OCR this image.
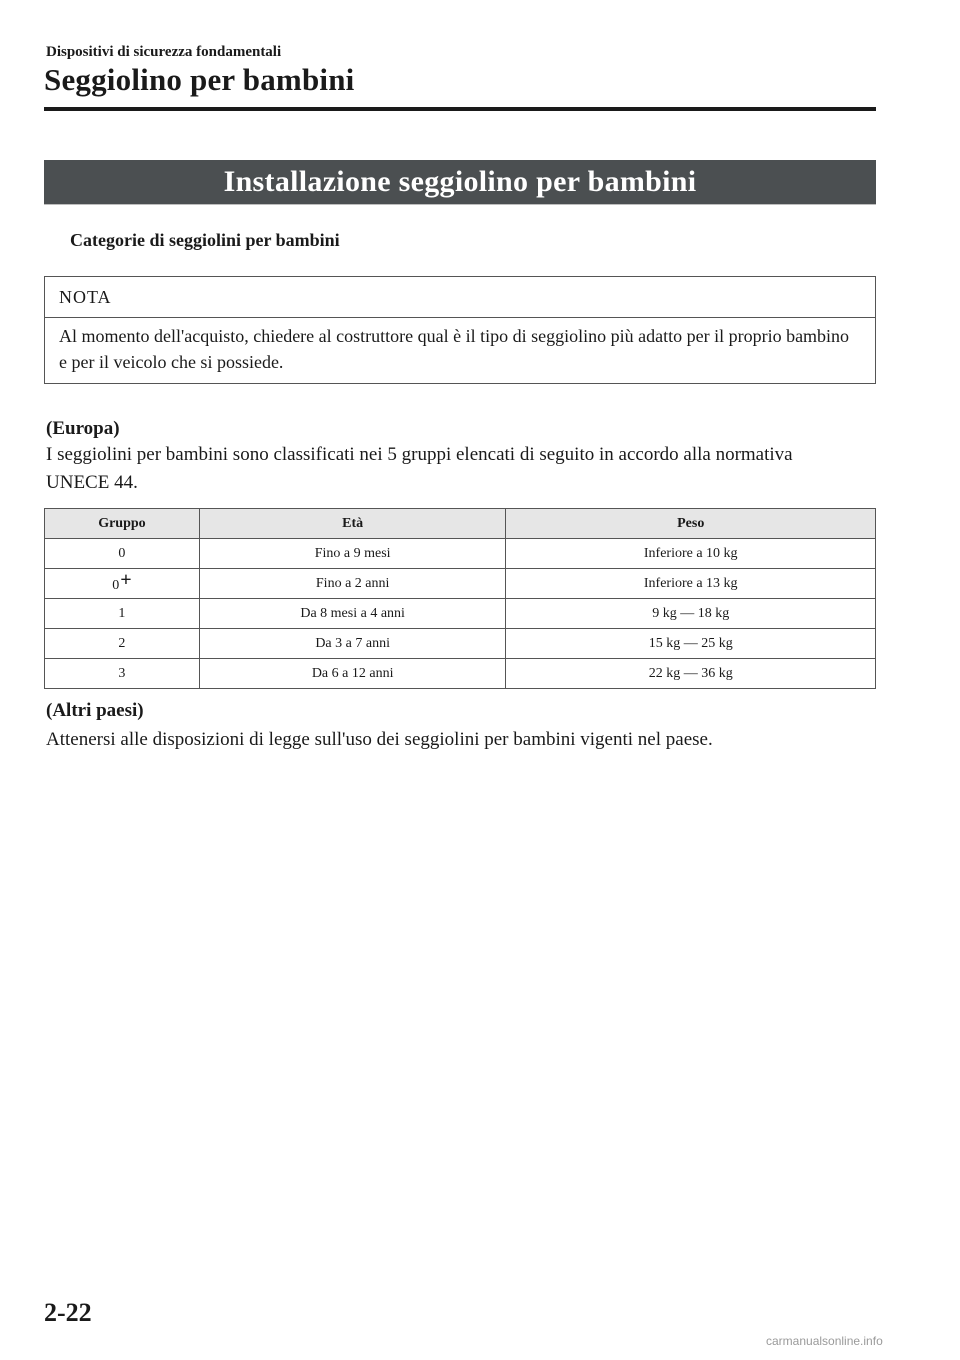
Dispositivi di sicurezza fondamentali
Seggiolino per bambini
Installazione seggiolino per bambini
Categorie di seggiolini per bambini
NOTA
Al momento dell'acquisto, chiedere al costruttore qual è il tipo di seggiolino più adatto per il proprio bambino e per il veicolo che si possiede.
(Europa)
I seggiolini per bambini sono classificati nei 5 gruppi elencati di seguito in accordo alla normativa UNECE 44.
Gruppo	Età	Peso
0	Fino a 9 mesi	Inferiore a 10 kg
0+	Fino a 2 anni	Inferiore a 13 kg
1	Da 8 mesi a 4 anni	9 kg — 18 kg
2	Da 3 a 7 anni	15 kg — 25 kg
3	Da 6 a 12 anni	22 kg — 36 kg
(Altri paesi)
Attenersi alle disposizioni di legge sull'uso dei seggiolini per bambini vigenti nel paese.
2-22
carmanualsonline.info
